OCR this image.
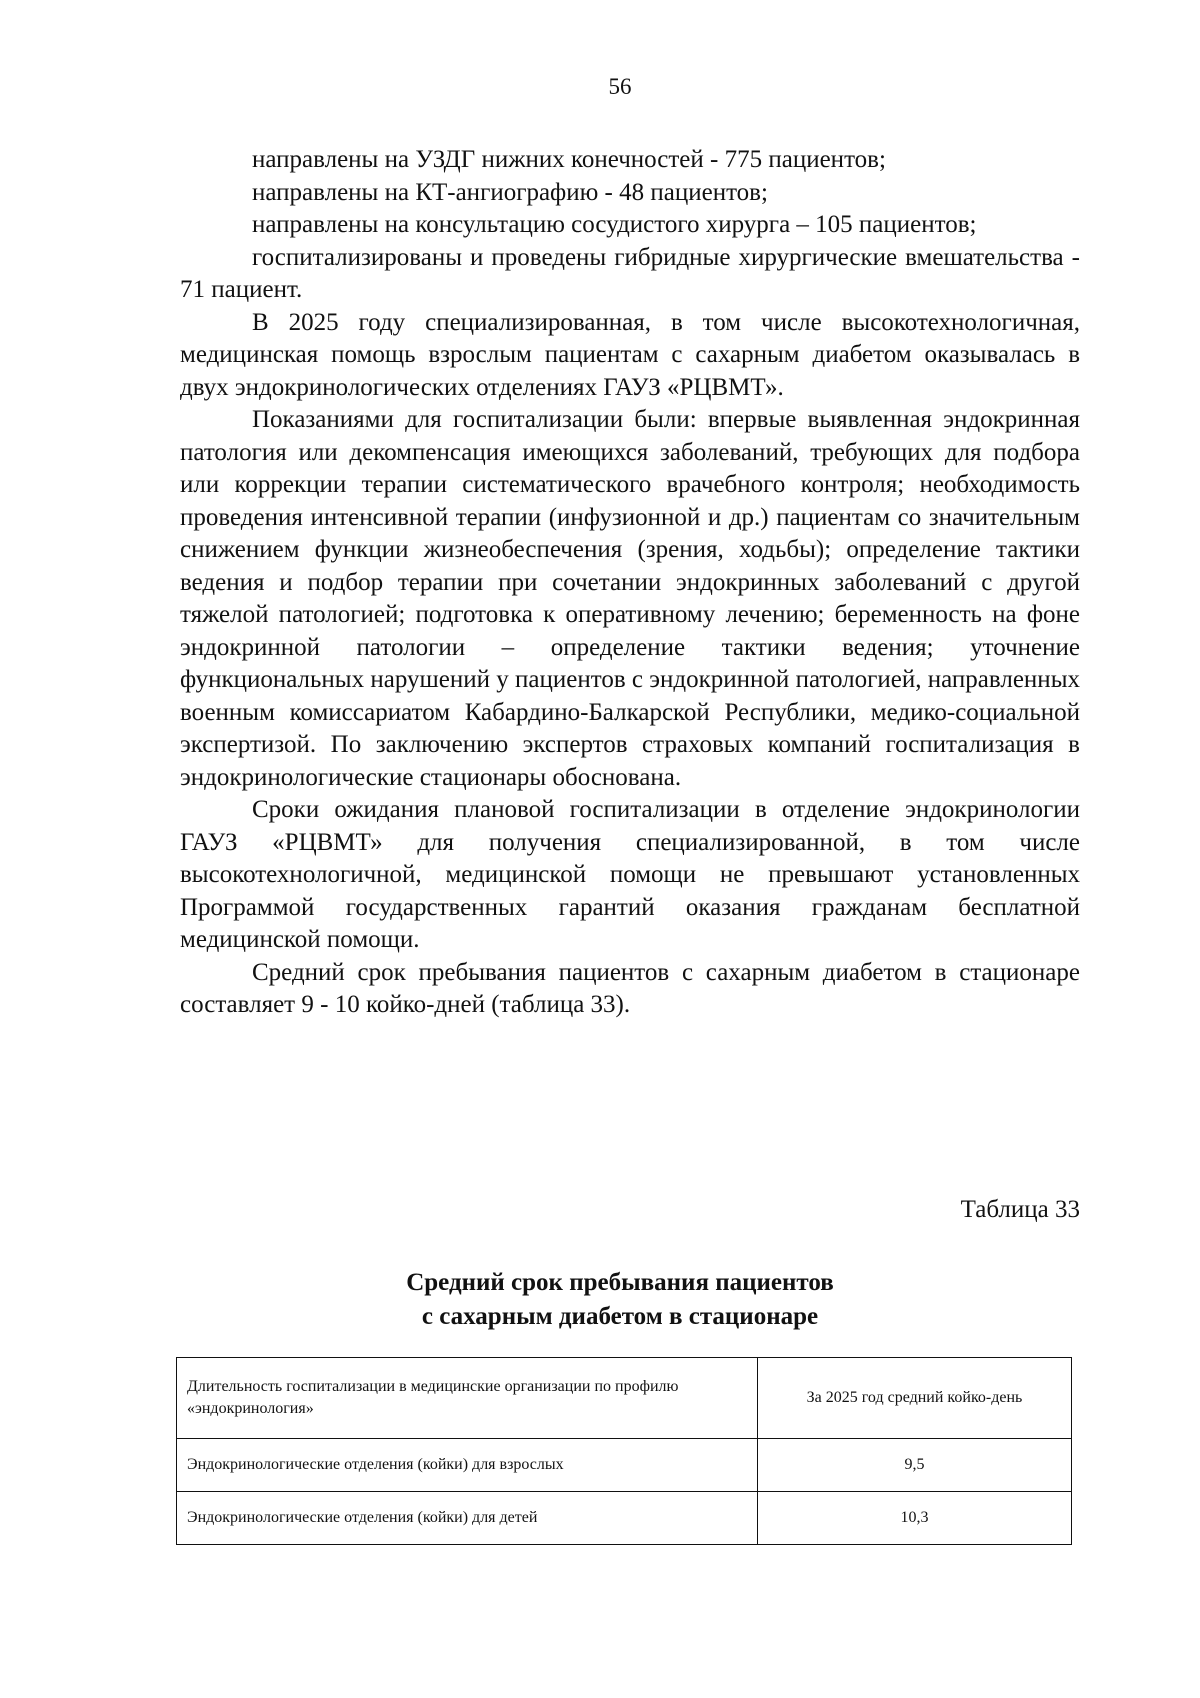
56

направлены на УЗДГ нижних конечностей - 775 пациентов;

направлены на КТ-ангиографию - 48 пациентов;

направлены на консультацию сосудистого хирурга – 105 пациентов;

госпитализированы и проведены гибридные хирургические вмешательства - 71 пациент.

В 2025 году специализированная, в том числе высокотехнологичная, медицинская помощь взрослым пациентам с сахарным диабетом оказывалась в двух эндокринологических отделениях ГАУЗ «РЦВМТ».

Показаниями для госпитализации были: впервые выявленная эндокринная патология или декомпенсация имеющихся заболеваний, требующих для подбора или коррекции терапии систематического врачебного контроля; необходимость проведения интенсивной терапии (инфузионной и др.) пациентам со значительным снижением функции жизнеобеспечения (зрения, ходьбы); определение тактики ведения и подбор терапии при сочетании эндокринных заболеваний с другой тяжелой патологией; подготовка к оперативному лечению; беременность на фоне эндокринной патологии – определение тактики ведения; уточнение функциональных нарушений у пациентов с эндокринной патологией, направленных военным комиссариатом Кабардино-Балкарской Республики, медико-социальной экспертизой. По заключению экспертов страховых компаний госпитализация в эндокринологические стационары обоснована.

Сроки ожидания плановой госпитализации в отделение эндокринологии ГАУЗ «РЦВМТ» для получения специализированной, в том числе высокотехнологичной, медицинской помощи не превышают установленных Программой государственных гарантий оказания гражданам бесплатной медицинской помощи.

Средний срок пребывания пациентов с сахарным диабетом в стационаре составляет 9 - 10 койко-дней (таблица 33).

Таблица 33
Средний срок пребывания пациентов
с сахарным диабетом в стационаре
Длительность госпитализации в медицинские организации по профилю «эндокринология»	За 2025 год средний койко-день
Эндокринологические отделения (койки) для взрослых	9,5
Эндокринологические отделения (койки) для детей	10,3
